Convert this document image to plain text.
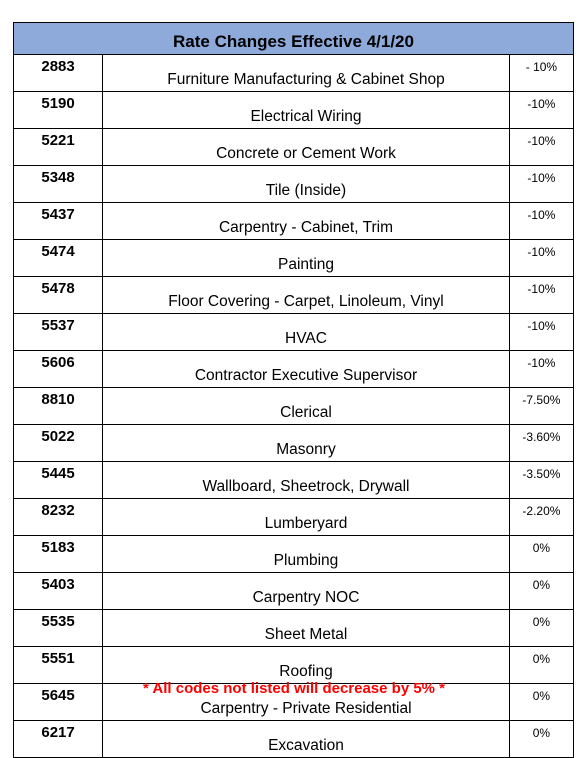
Rate Changes Effective 4/1/20		
2883	Furniture Manufacturing & Cabinet Shop	- 10%
5190	Electrical Wiring	-10%
5221	Concrete or Cement Work	-10%
5348	Tile (Inside)	-10%
5437	Carpentry - Cabinet, Trim	-10%
5474	Painting	-10%
5478	Floor Covering - Carpet, Linoleum, Vinyl	-10%
5537	HVAC	-10%
5606	Contractor Executive Supervisor	-10%
8810	Clerical	-7.50%
5022	Masonry	-3.60%
5445	Wallboard, Sheetrock, Drywall	-3.50%
8232	Lumberyard	-2.20%
5183	Plumbing	0%
5403	Carpentry NOC	0%
5535	Sheet Metal	0%
5551	Roofing	0%
5645	Carpentry - Private Residential	0%
6217	Excavation	0%
* All codes not listed will decrease by 5% *
